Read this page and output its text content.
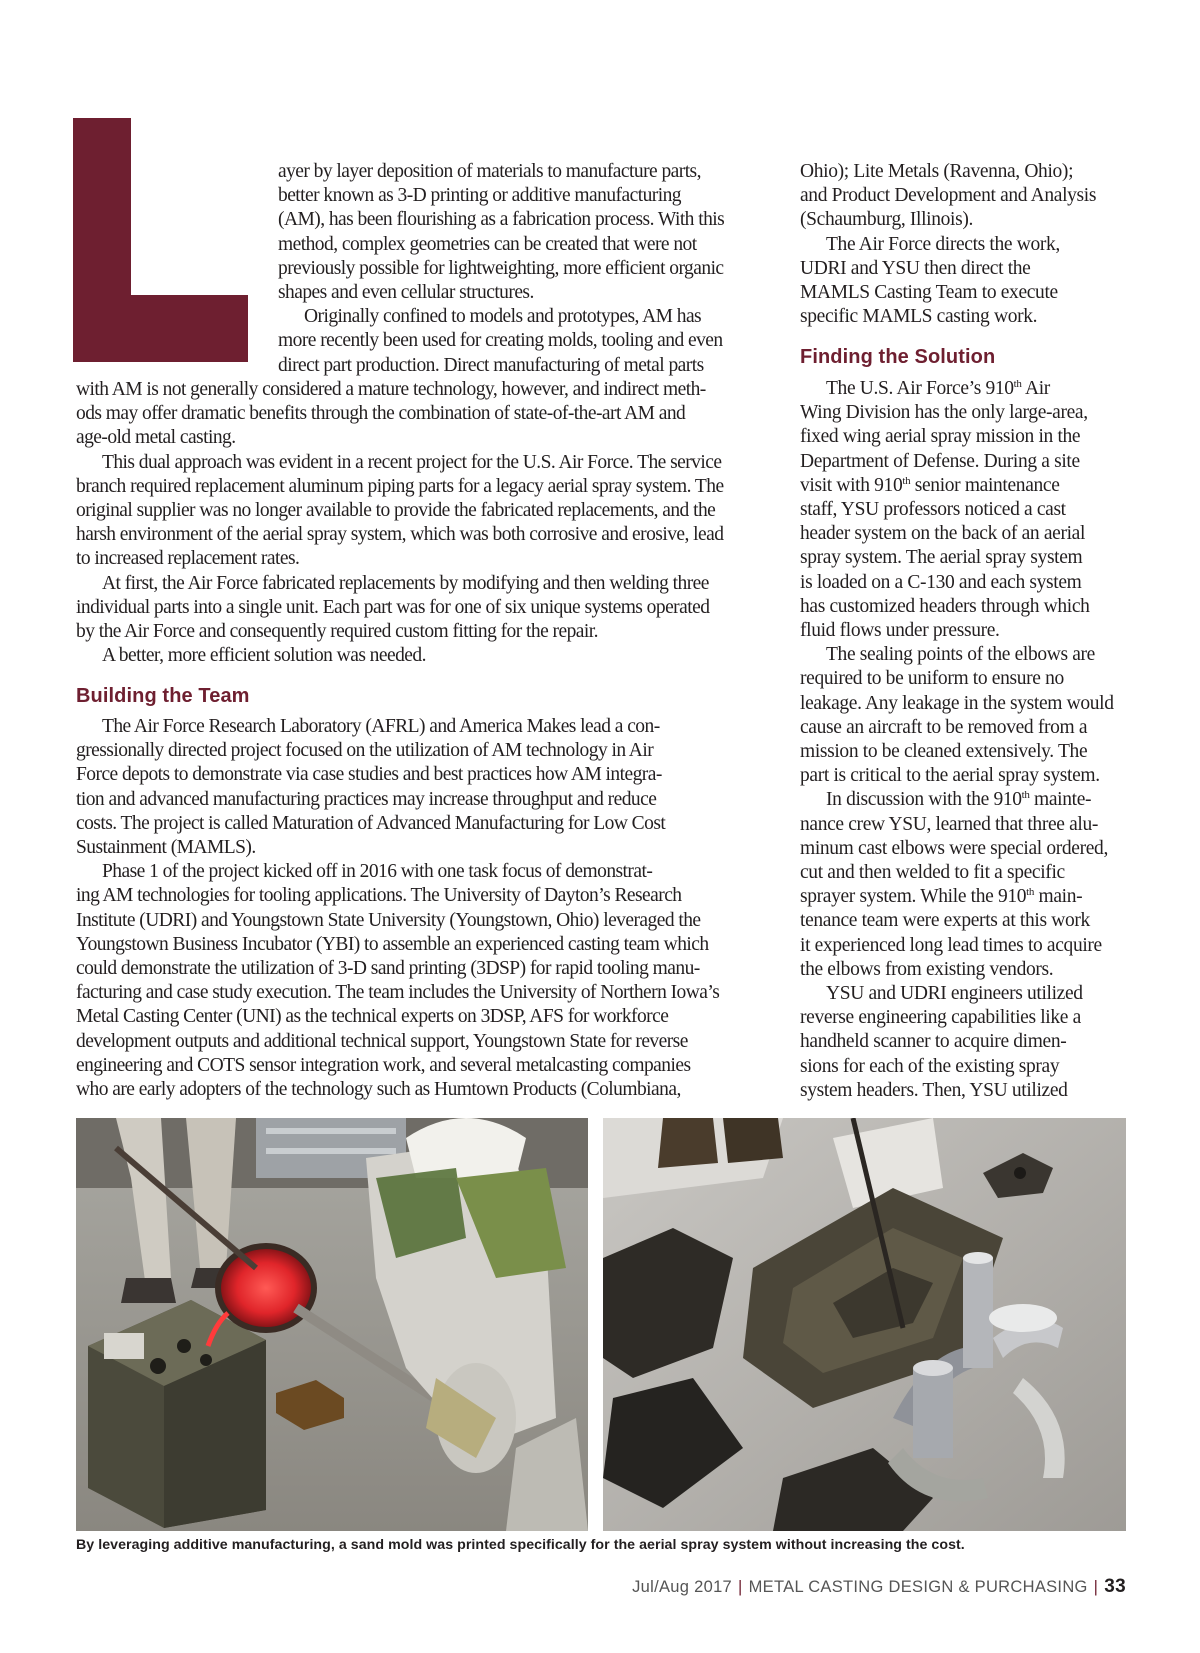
ayer by layer deposition of materials to manufacture parts,
better known as 3-D printing or additive manufacturing
(AM), has been flourishing as a fabrication process. With this
method, complex geometries can be created that were not
previously possible for lightweighting, more efficient organic
shapes and even cellular structures.
Originally confined to models and prototypes, AM has
more recently been used for creating molds, tooling and even
direct part production. Direct manufacturing of metal parts

with AM is not generally considered a mature technology, however, and indirect meth-
ods may offer dramatic benefits through the combination of state-of-the-art AM and
age-old metal casting.
This dual approach was evident in a recent project for the U.S. Air Force. The service
branch required replacement aluminum piping parts for a legacy aerial spray system. The
original supplier was no longer available to provide the fabricated replacements, and the
harsh environment of the aerial spray system, which was both corrosive and erosive, lead
to increased replacement rates.
At first, the Air Force fabricated replacements by modifying and then welding three
individual parts into a single unit. Each part was for one of six unique systems operated
by the Air Force and consequently required custom fitting for the repair.
A better, more efficient solution was needed.

Building the Team

The Air Force Research Laboratory (AFRL) and America Makes lead a con-
gressionally directed project focused on the utilization of AM technology in Air
Force depots to demonstrate via case studies and best practices how AM integra-
tion and advanced manufacturing practices may increase throughput and reduce
costs. The project is called Maturation of Advanced Manufacturing for Low Cost
Sustainment (MAMLS).
Phase 1 of the project kicked off in 2016 with one task focus of demonstrat-
ing AM technologies for tooling applications. The University of Dayton’s Research
Institute (UDRI) and Youngstown State University (Youngstown, Ohio) leveraged the
Youngstown Business Incubator (YBI) to assemble an experienced casting team which
could demonstrate the utilization of 3-D sand printing (3DSP) for rapid tooling manu-
facturing and case study execution. The team includes the University of Northern Iowa’s
Metal Casting Center (UNI) as the technical experts on 3DSP, AFS for workforce
development outputs and additional technical support, Youngstown State for reverse
engineering and COTS sensor integration work, and several metalcasting companies
who are early adopters of the technology such as Humtown Products (Columbiana,

Ohio); Lite Metals (Ravenna, Ohio);
and Product Development and Analysis
(Schaumburg, Illinois).
The Air Force directs the work,
UDRI and YSU then direct the
MAMLS Casting Team to execute
specific MAMLS casting work.

Finding the Solution

The U.S. Air Force’s 910th Air
Wing Division has the only large-area,
fixed wing aerial spray mission in the
Department of Defense. During a site
visit with 910th senior maintenance
staff, YSU professors noticed a cast
header system on the back of an aerial
spray system. The aerial spray system
is loaded on a C-130 and each system
has customized headers through which
fluid flows under pressure.
The sealing points of the elbows are
required to be uniform to ensure no
leakage. Any leakage in the system would
cause an aircraft to be removed from a
mission to be cleaned extensively. The
part is critical to the aerial spray system.
In discussion with the 910th mainte-
nance crew YSU, learned that three alu-
minum cast elbows were special ordered,
cut and then welded to fit a specific
sprayer system. While the 910th main-
tenance team were experts at this work
it experienced long lead times to acquire
the elbows from existing vendors.
YSU and UDRI engineers utilized
reverse engineering capabilities like a
handheld scanner to acquire dimen-
sions for each of the existing spray
system headers. Then, YSU utilized

By leveraging additive manufacturing, a sand mold was printed specifically for the aerial spray system without increasing the cost.

Jul/Aug 2017 | METAL CASTING DESIGN & PURCHASING | 33
